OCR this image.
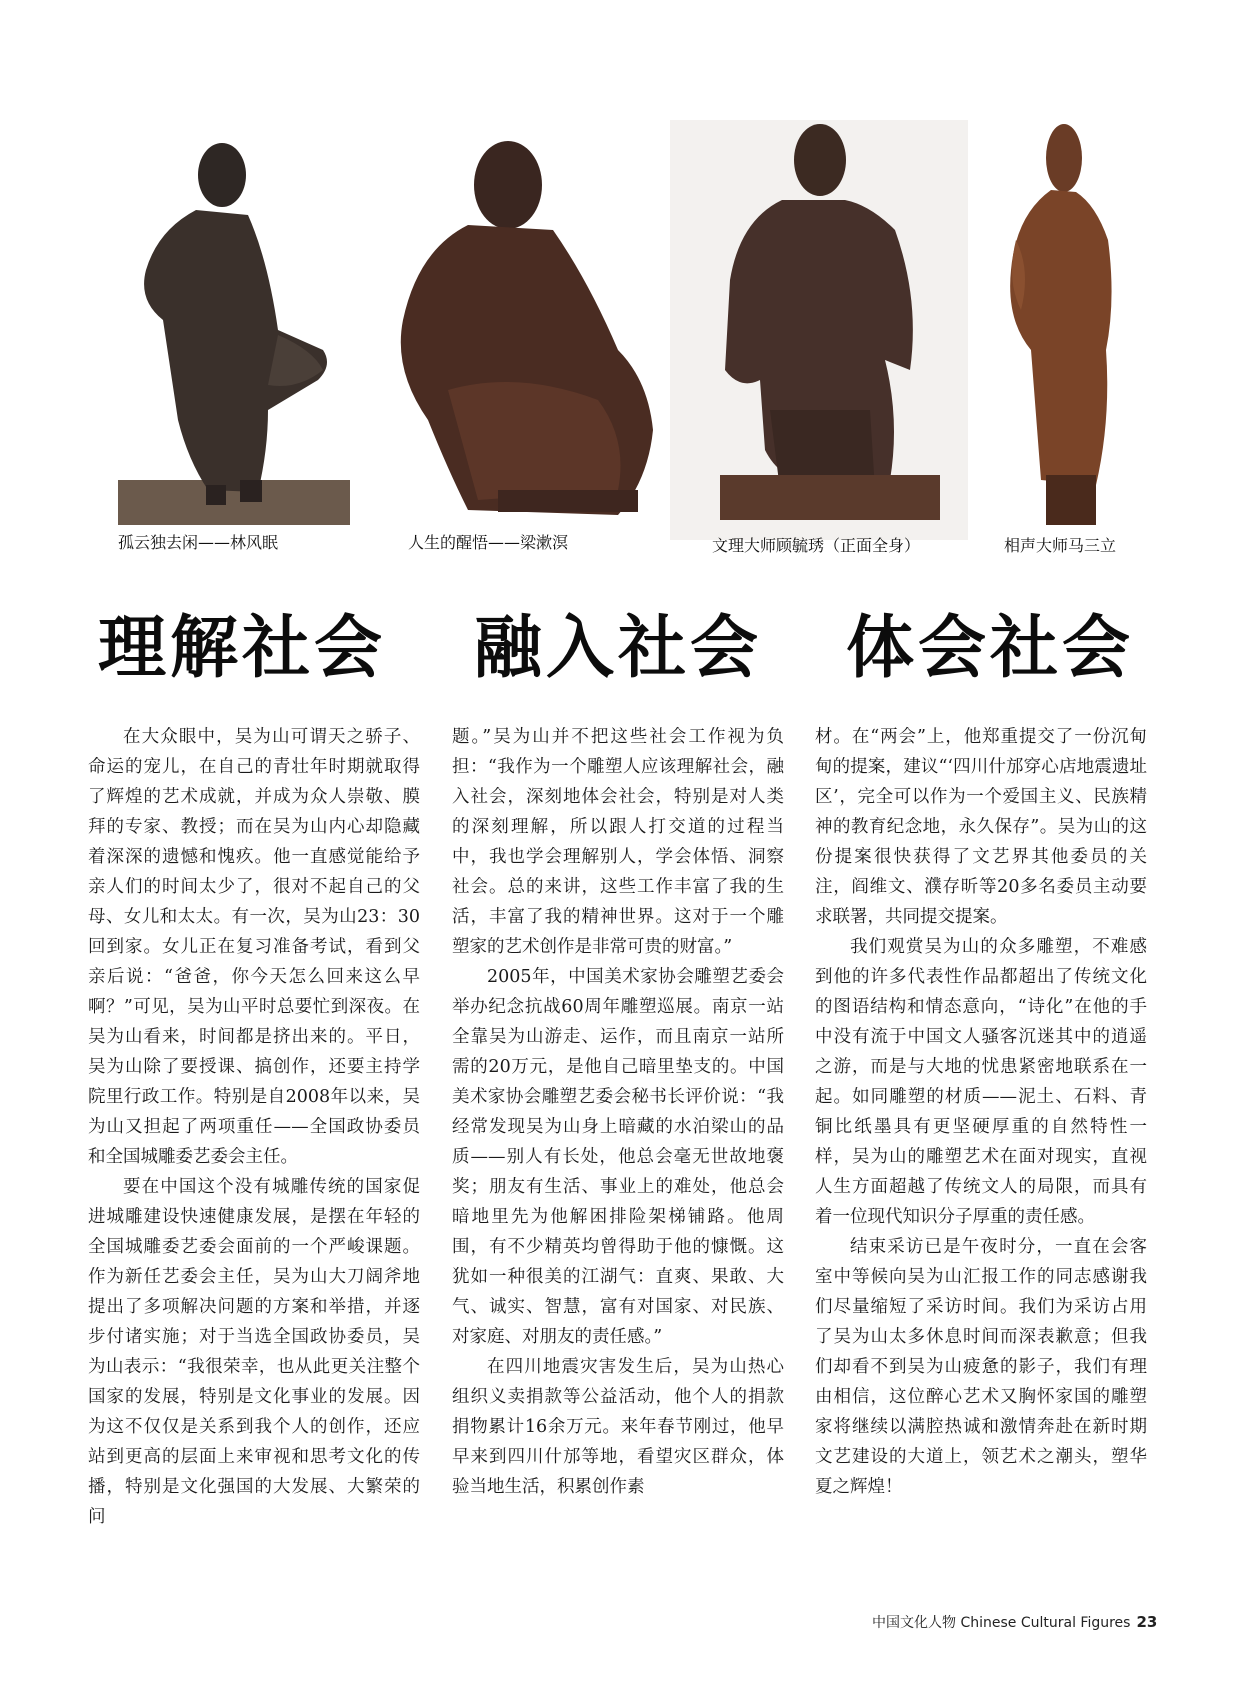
孤云独去闲——林风眠	人生的醒悟——梁漱溟	文理大师顾毓琇（正面全身）	相声大师马三立
理解社会 融入社会 体会社会

在大众眼中，吴为山可谓天之骄子、命运的宠儿，在自己的青壮年时期就取得了辉煌的艺术成就，并成为众人崇敬、膜拜的专家、教授；而在吴为山内心却隐藏着深深的遗憾和愧疚。他一直感觉能给予亲人们的时间太少了，很对不起自己的父母、女儿和太太。有一次，吴为山23：30回到家。女儿正在复习准备考试，看到父亲后说：“爸爸，你今天怎么回来这么早啊？”可见，吴为山平时总要忙到深夜。在吴为山看来，时间都是挤出来的。平日，吴为山除了要授课、搞创作，还要主持学院里行政工作。特别是自2008年以来，吴为山又担起了两项重任——全国政协委员和全国城雕委艺委会主任。

要在中国这个没有城雕传统的国家促进城雕建设快速健康发展，是摆在年轻的全国城雕委艺委会面前的一个严峻课题。作为新任艺委会主任，吴为山大刀阔斧地提出了多项解决问题的方案和举措，并逐步付诸实施；对于当选全国政协委员，吴为山表示：“我很荣幸，也从此更关注整个国家的发展，特别是文化事业的发展。因为这不仅仅是关系到我个人的创作，还应站到更高的层面上来审视和思考文化的传播，特别是文化强国的大发展、大繁荣的问

题。”吴为山并不把这些社会工作视为负担：“我作为一个雕塑人应该理解社会，融入社会，深刻地体会社会，特别是对人类的深刻理解，所以跟人打交道的过程当中，我也学会理解别人，学会体悟、洞察社会。总的来讲，这些工作丰富了我的生活，丰富了我的精神世界。这对于一个雕塑家的艺术创作是非常可贵的财富。”

2005年，中国美术家协会雕塑艺委会举办纪念抗战60周年雕塑巡展。南京一站全靠吴为山游走、运作，而且南京一站所需的20万元，是他自己暗里垫支的。中国美术家协会雕塑艺委会秘书长评价说：“我经常发现吴为山身上暗藏的水泊梁山的品质——别人有长处，他总会毫无世故地褒奖；朋友有生活、事业上的难处，他总会暗地里先为他解困排险架梯铺路。他周围，有不少精英均曾得助于他的慷慨。这犹如一种很美的江湖气：直爽、果敢、大气、诚实、智慧，富有对国家、对民族、对家庭、对朋友的责任感。”

在四川地震灾害发生后，吴为山热心组织义卖捐款等公益活动，他个人的捐款捐物累计16余万元。来年春节刚过，他早早来到四川什邡等地，看望灾区群众，体验当地生活，积累创作素

材。在“两会”上，他郑重提交了一份沉甸甸的提案，建议“‘四川什邡穿心店地震遗址区’，完全可以作为一个爱国主义、民族精神的教育纪念地，永久保存”。吴为山的这份提案很快获得了文艺界其他委员的关注，阎维文、濮存昕等20多名委员主动要求联署，共同提交提案。

我们观赏吴为山的众多雕塑，不难感到他的许多代表性作品都超出了传统文化的图语结构和情态意向，“诗化”在他的手中没有流于中国文人骚客沉迷其中的逍遥之游，而是与大地的忧患紧密地联系在一起。如同雕塑的材质——泥土、石料、青铜比纸墨具有更坚硬厚重的自然特性一样，吴为山的雕塑艺术在面对现实，直视人生方面超越了传统文人的局限，而具有着一位现代知识分子厚重的责任感。

结束采访已是午夜时分，一直在会客室中等候向吴为山汇报工作的同志感谢我们尽量缩短了采访时间。我们为采访占用了吴为山太多休息时间而深表歉意；但我们却看不到吴为山疲惫的影子，我们有理由相信，这位醉心艺术又胸怀家国的雕塑家将继续以满腔热诚和激情奔赴在新时期文艺建设的大道上，领艺术之潮头，塑华夏之辉煌！

中国文化人物 Chinese Cultural Figures 23
